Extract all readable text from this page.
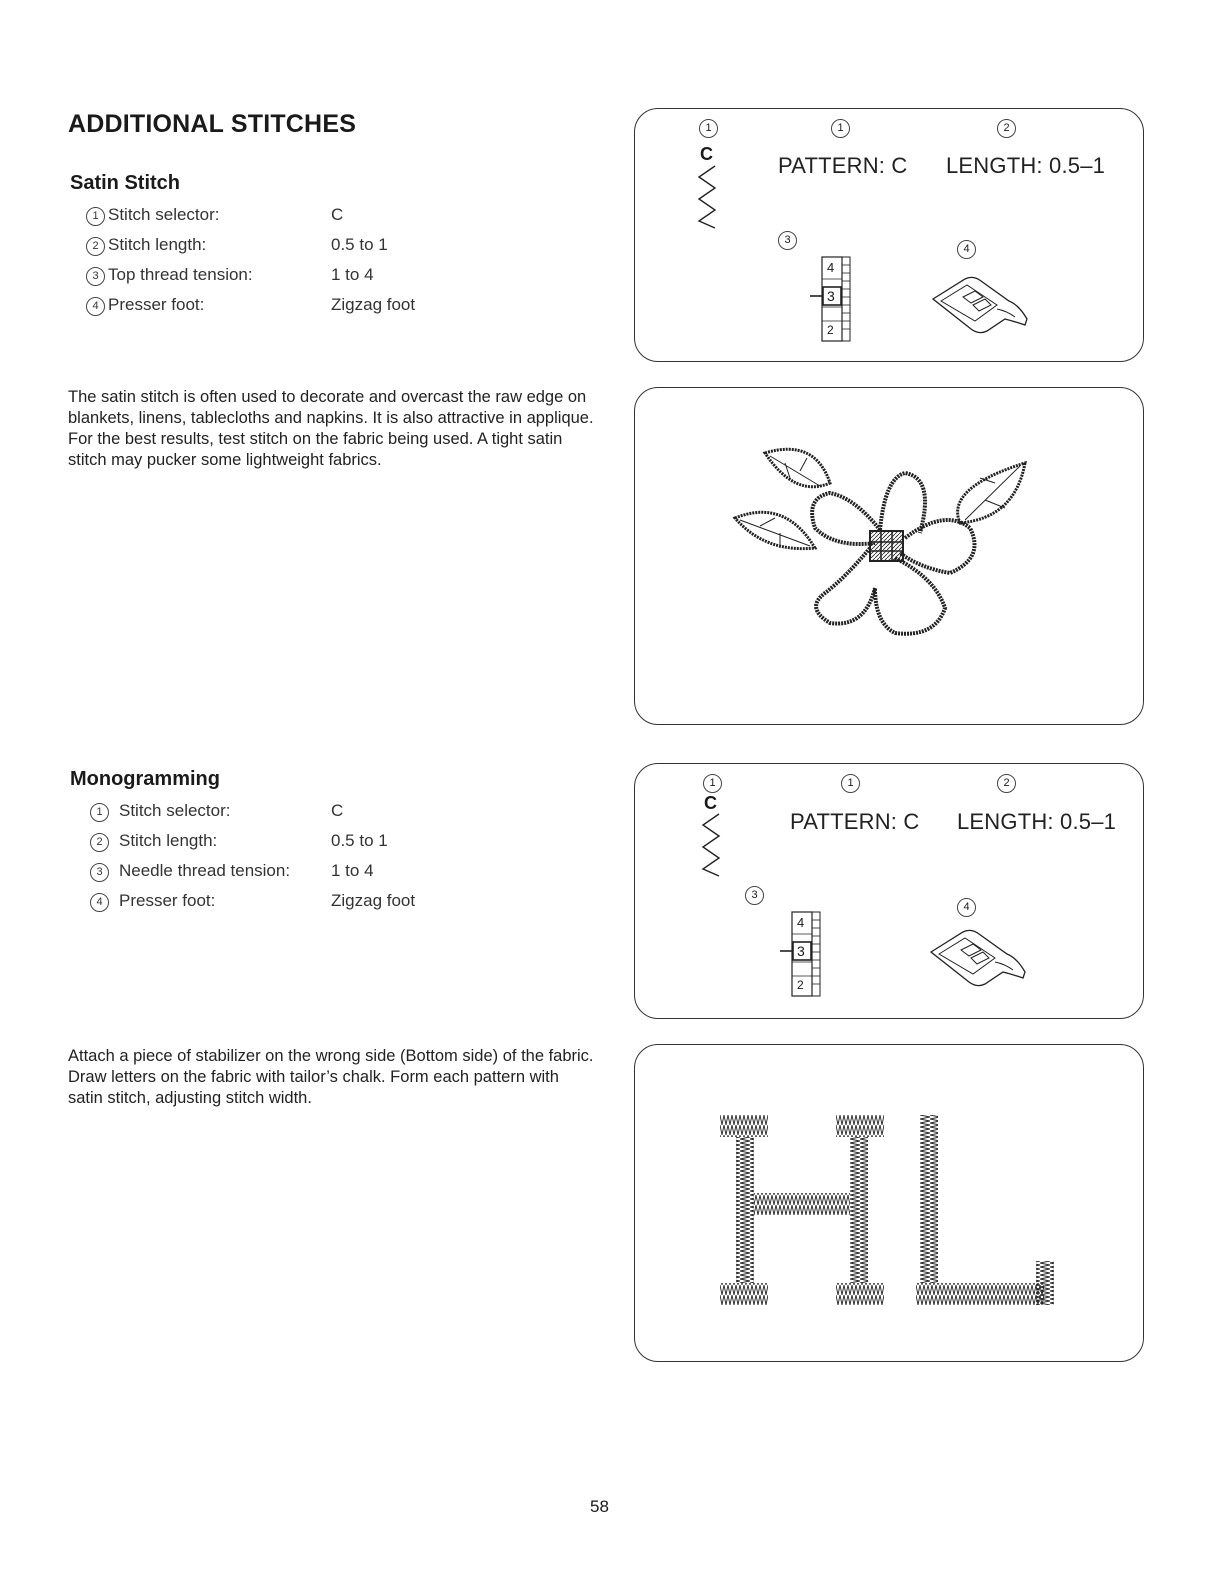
ADDITIONAL STITCHES
Satin Stitch
1 Stitch selector:	C
2 Stitch length:	0.5 to 1
3 Top thread tension:	1 to 4
4 Presser foot:	Zigzag foot

The satin stitch is often used to decorate and overcast the raw edge on blankets, linens, tablecloths and napkins. It is also attractive in applique.

For the best results, test stitch on the fabric being used. A tight satin stitch may pucker some lightweight fabrics.

1	1	2
C	PATTERN: C LENGTH: 0.5–1
3
4
4
3
2
Monogramming
1 Stitch selector:	C
2 Stitch length:	0.5 to 1
3 Needle thread tension: 1 to 4
4 Presser foot:	Zigzag foot

Attach a piece of stabilizer on the wrong side (Bottom side) of the fabric.

Draw letters on the fabric with tailor’s chalk. Form each pattern with satin stitch, adjusting stitch width.

1	1	2
C
PATTERN: C LENGTH: 0.5–1
3
4
4
3
2
58
